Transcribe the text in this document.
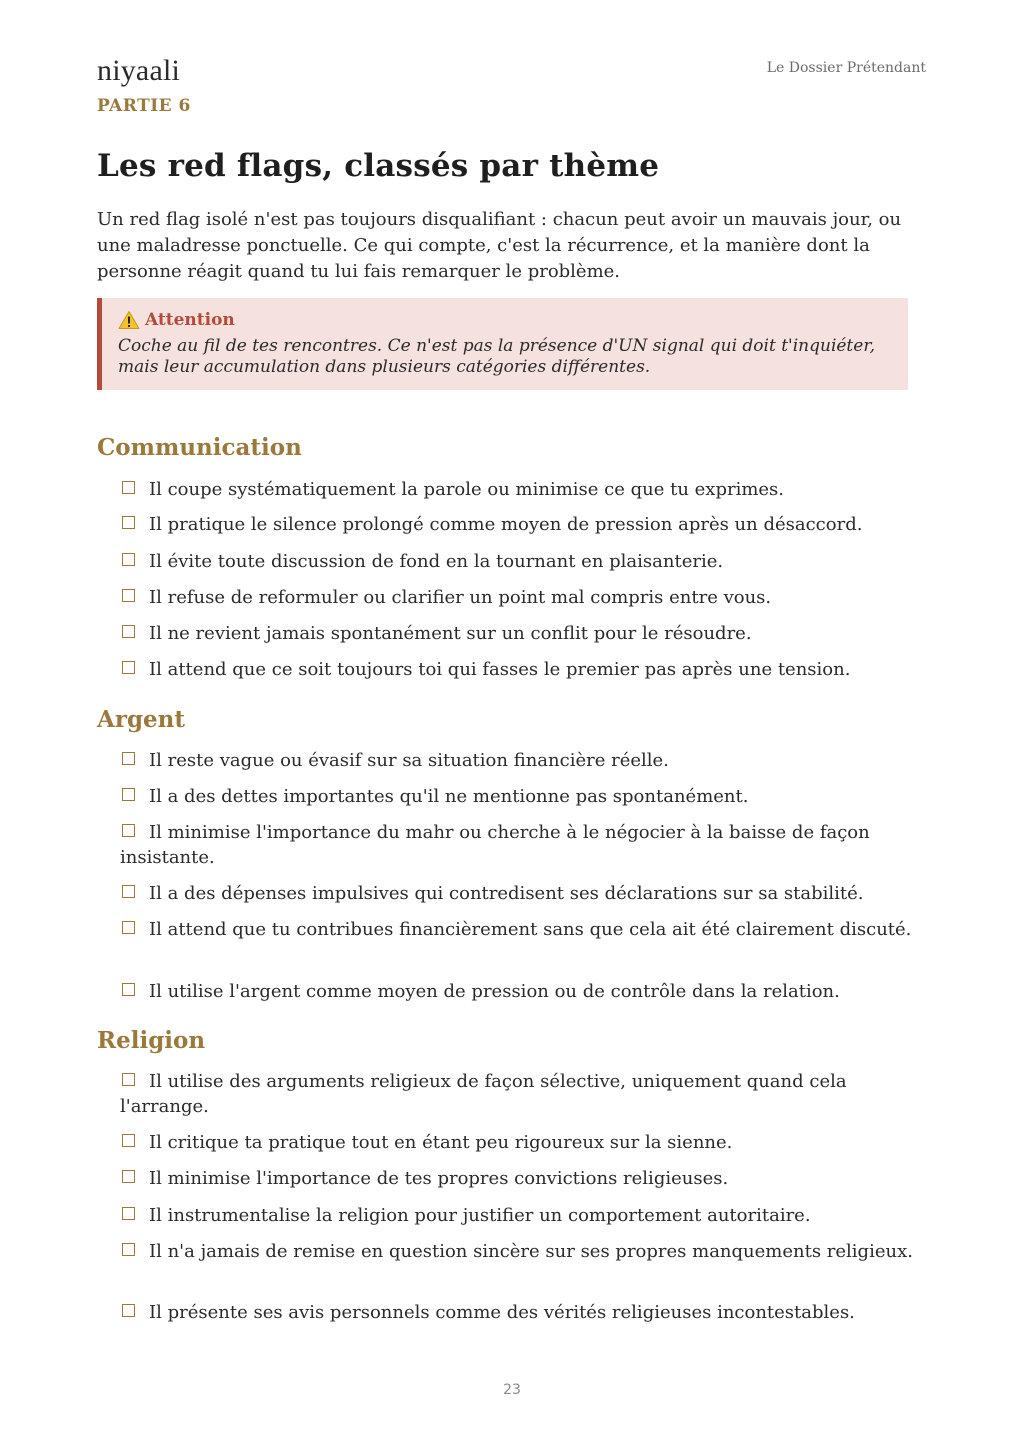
niyaali	Le Dossier Prétendant
PARTIE 6
Les red flags, classés par thème

Un red flag isolé n'est pas toujours disqualifiant : chacun peut avoir un mauvais jour, ou une maladresse ponctuelle. Ce qui compte, c'est la récurrence, et la manière dont la personne réagit quand tu lui fais remarquer le problème.

Attention

Coche au fil de tes rencontres. Ce n'est pas la présence d'UN signal qui doit t'inquiéter, mais leur accumulation dans plusieurs catégories différentes.

Communication
Il coupe systématiquement la parole ou minimise ce que tu exprimes.
Il pratique le silence prolongé comme moyen de pression après un désaccord.
Il évite toute discussion de fond en la tournant en plaisanterie.
Il refuse de reformuler ou clarifier un point mal compris entre vous.
Il ne revient jamais spontanément sur un conflit pour le résoudre.
Il attend que ce soit toujours toi qui fasses le premier pas après une tension.
Argent
Il reste vague ou évasif sur sa situation financière réelle.
Il a des dettes importantes qu'il ne mentionne pas spontanément.
Il minimise l'importance du mahr ou cherche à le négocier à la baisse de façon insistante.
Il a des dépenses impulsives qui contredisent ses déclarations sur sa stabilité.
Il attend que tu contribues financièrement sans que cela ait été clairement discuté.
Il utilise l'argent comme moyen de pression ou de contrôle dans la relation.
Religion
Il utilise des arguments religieux de façon sélective, uniquement quand cela l'arrange.
Il critique ta pratique tout en étant peu rigoureux sur la sienne.
Il minimise l'importance de tes propres convictions religieuses.
Il instrumentalise la religion pour justifier un comportement autoritaire.
Il n'a jamais de remise en question sincère sur ses propres manquements religieux.
Il présente ses avis personnels comme des vérités religieuses incontestables.
23
